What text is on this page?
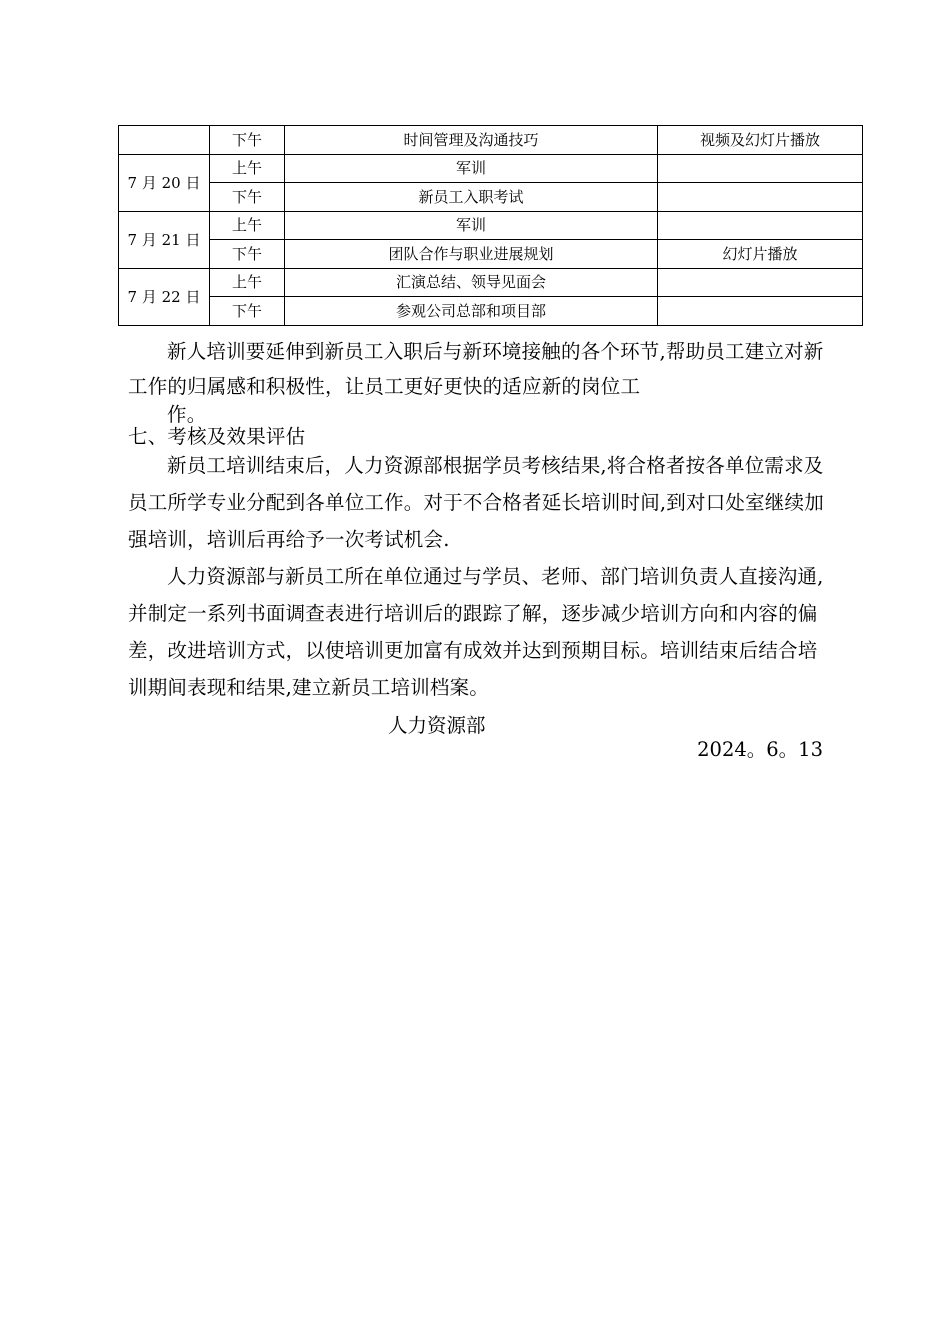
	下午	时间管理及沟通技巧	视频及幻灯片播放
7 月 20 日	上午	军训	
	下午	新员工入职考试	
7 月 21 日	上午	军训	
	下午	团队合作与职业进展规划	幻灯片播放
7 月 22 日	上午	汇演总结、领导见面会	
	下午	参观公司总部和项目部	
新人培训要延伸到新员工入职后与新环境接触的各个环节,帮助员工建立对新工作的归属感和积极性，让员工更好更快的适应新的岗位工
作。
七、考核及效果评估
新员工培训结束后，人力资源部根据学员考核结果,将合格者按各单位需求及员工所学专业分配到各单位工作。对于不合格者延长培训时间,到对口处室继续加强培训，培训后再给予一次考试机会.
人力资源部与新员工所在单位通过与学员、老师、部门培训负责人直接沟通,并制定一系列书面调查表进行培训后的跟踪了解，逐步减少培训方向和内容的偏差，改进培训方式，以使培训更加富有成效并达到预期目标。培训结束后结合培训期间表现和结果,建立新员工培训档案。
人力资源部
2024。6。13
